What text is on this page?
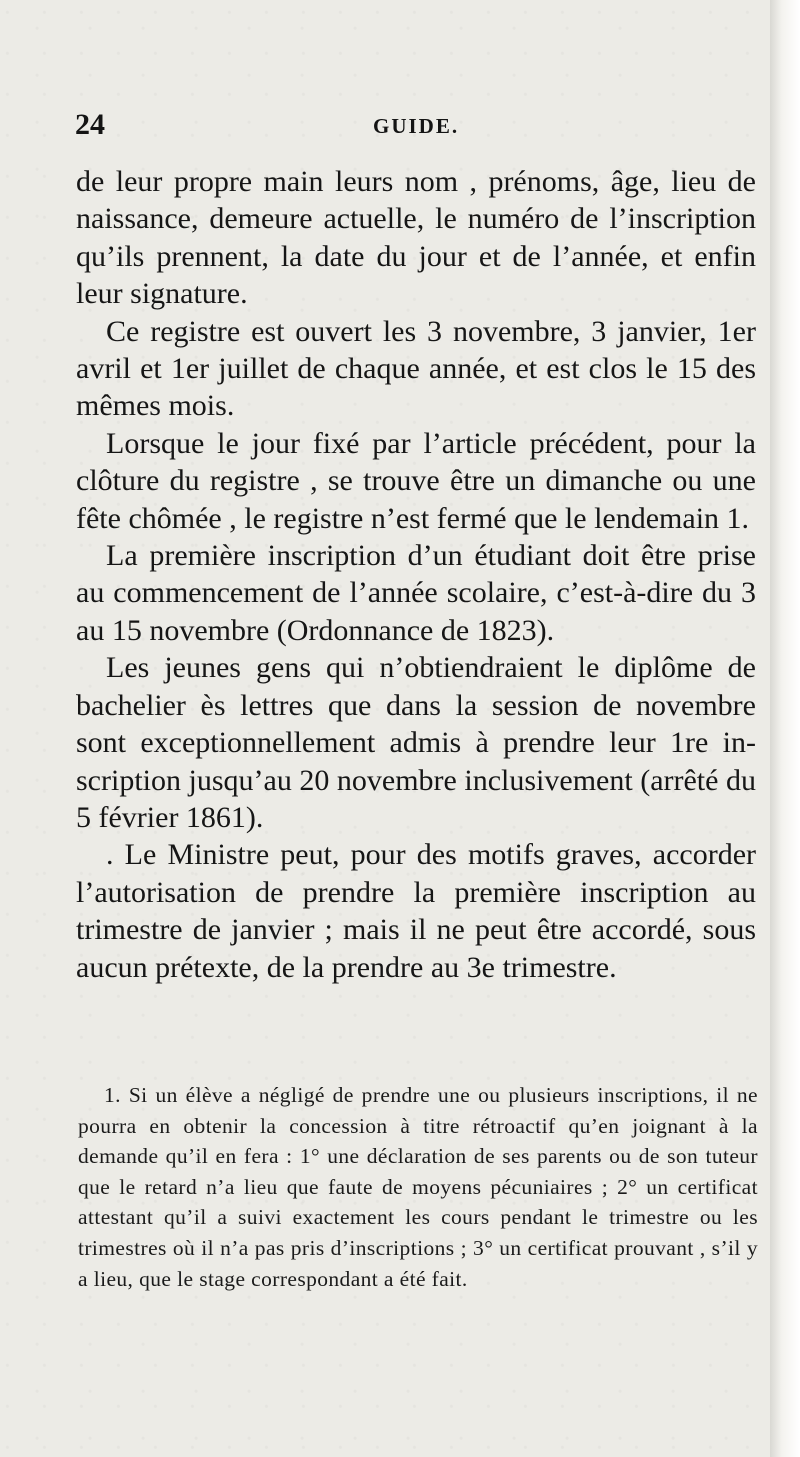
24	GUIDE.

de leur propre main leurs nom , prénoms, âge, lieu de naissance, demeure actuelle, le numéro de l’inscription qu’ils prennent, la date du jour et de l’année, et enfin leur signature.

Ce registre est ouvert les 3 novembre, 3 janvier, 1er avril et 1er juillet de chaque année, et est clos le 15 des mêmes mois.

Lorsque le jour fixé par l’article précédent, pour la clôture du registre , se trouve être un dimanche ou une fête chômée , le registre n’est fermé que le lendemain 1.

La première inscription d’un étudiant doit être prise au commencement de l’année scolaire, c’est-à-dire du 3 au 15 novembre (Ordonnance de 1823).

Les jeunes gens qui n’obtiendraient le diplôme de bachelier ès lettres que dans la session de novembre sont exceptionnellement admis à prendre leur 1re inscription jusqu’au 20 novembre inclusivement (arrêté du 5 février 1861).

. Le Ministre peut, pour des motifs graves, accorder l’autorisation de prendre la première inscription au trimestre de janvier ; mais il ne peut être accordé, sous aucun prétexte, de la prendre au 3e trimestre.

1. Si un élève a négligé de prendre une ou plusieurs inscriptions, il ne pourra en obtenir la concession à titre rétroactif qu’en joignant à la demande qu’il en fera : 1° une déclaration de ses parents ou de son tuteur que le retard n’a lieu que faute de moyens pécuniaires ; 2° un certificat attestant qu’il a suivi exactement les cours pendant le trimestre ou les trimestres où il n’a pas pris d’inscriptions ; 3° un certificat prouvant , s’il y a lieu, que le stage correspondant a été fait.
